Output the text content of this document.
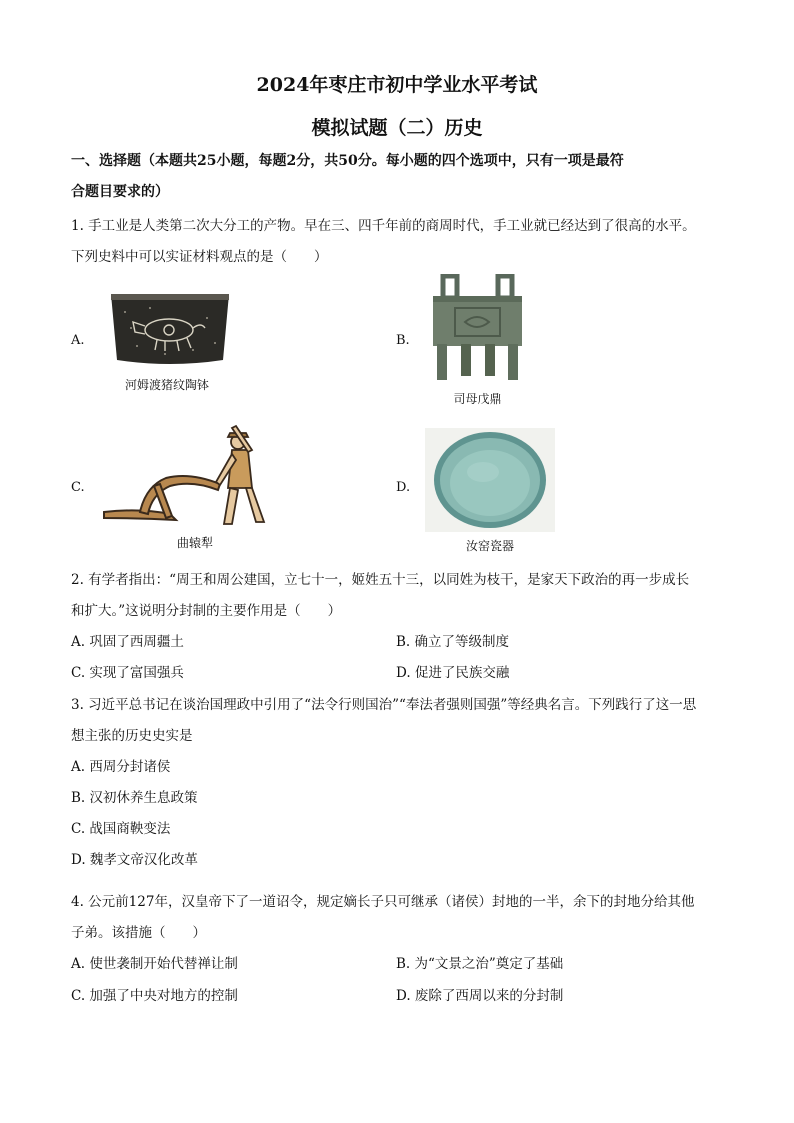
2024年枣庄市初中学业水平考试
模拟试题（二）历史
一、选择题（本题共25小题，每题2分，共50分。每小题的四个选项中，只有一项是最符
合题目要求的）
1. 手工业是人类第二次大分工的产物。早在三、四千年前的商周时代，手工业就已经达到了很高的水平。
下列史料中可以实证材料观点的是（　　）
A.
河姆渡猪纹陶钵
B.
司母戊鼎
C.
曲辕犁
D.
汝窑瓷器
2. 有学者指出：“周王和周公建国，立七十一，姬姓五十三，以同姓为枝干，是家天下政治的再一步成长
和扩大。”这说明分封制的主要作用是（　　）
A. 巩固了西周疆土	B. 确立了等级制度
C. 实现了富国强兵	D. 促进了民族交融
3. 习近平总书记在谈治国理政中引用了“法令行则国治”“奉法者强则国强”等经典名言。下列践行了这一思
想主张的历史史实是
A. 西周分封诸侯
B. 汉初休养生息政策
C. 战国商鞅变法
D. 魏孝文帝汉化改革
4. 公元前127年，汉皇帝下了一道诏令，规定嫡长子只可继承（诸侯）封地的一半，余下的封地分给其他
子弟。该措施（　　）
A. 使世袭制开始代替禅让制	B. 为“文景之治”奠定了基础
C. 加强了中央对地方的控制	D. 废除了西周以来的分封制
